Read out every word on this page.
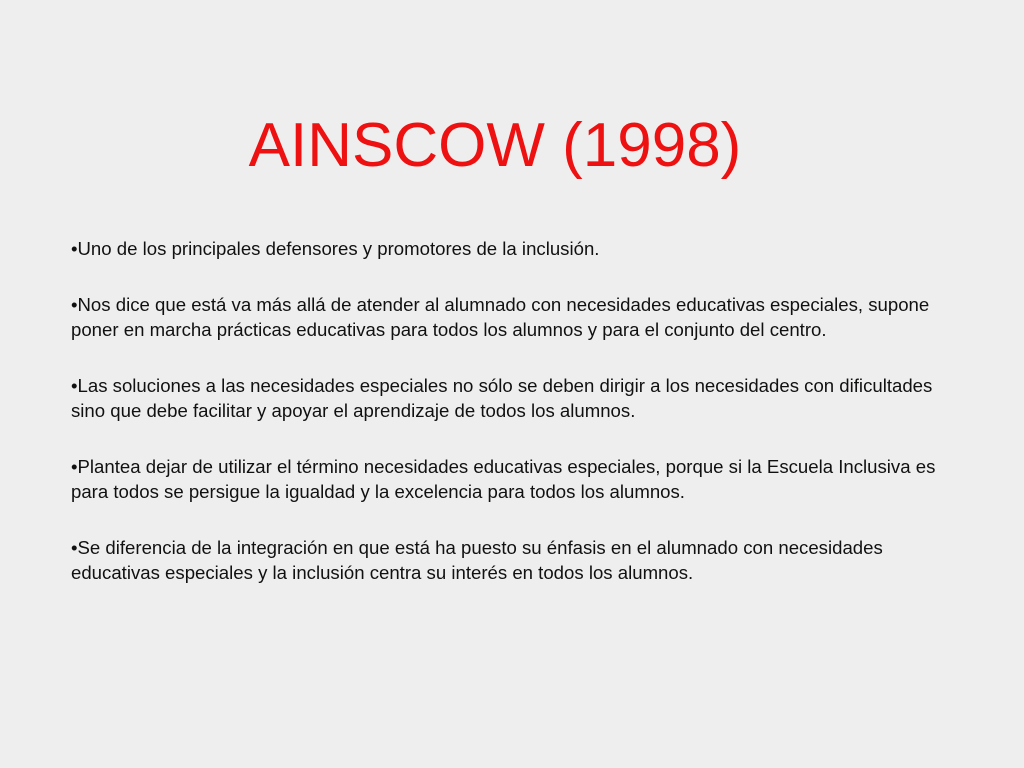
AINSCOW (1998)
•Uno de los principales defensores y promotores de la inclusión.
•Nos dice que está va más allá de atender al alumnado con necesidades educativas especiales, supone poner en marcha prácticas educativas para todos los alumnos y para el conjunto del centro.
•Las soluciones a las necesidades especiales no sólo se deben dirigir a los necesidades con dificultades sino que debe facilitar y apoyar el aprendizaje de todos los alumnos.
•Plantea dejar de utilizar el término necesidades educativas especiales, porque si la Escuela Inclusiva es para todos se persigue la igualdad y la excelencia para todos los alumnos.
•Se diferencia de la integración en que está ha puesto su énfasis en el alumnado con necesidades educativas especiales y la inclusión centra su interés en todos los alumnos.
